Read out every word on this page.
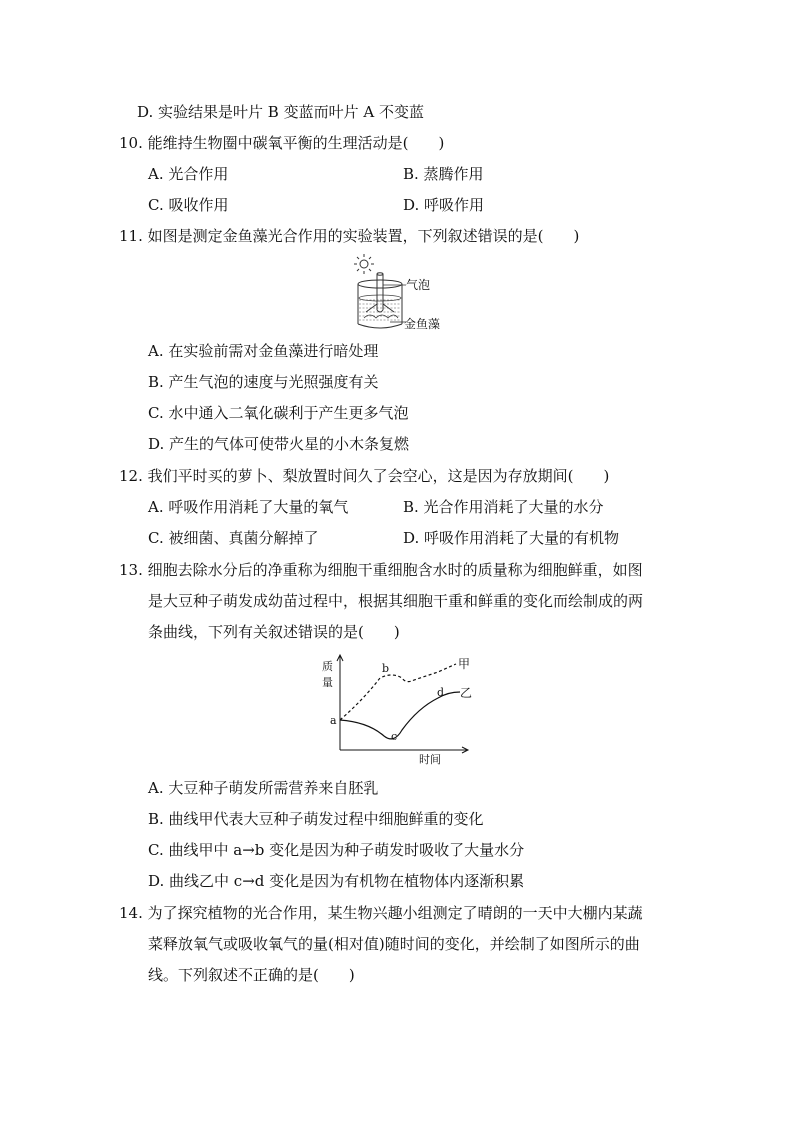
D. 实验结果是叶片 B 变蓝而叶片 A 不变蓝
10. 能维持生物圈中碳氧平衡的生理活动是(　　)
A. 光合作用	B. 蒸腾作用
C. 吸收作用	D. 呼吸作用
11. 如图是测定金鱼藻光合作用的实验装置，下列叙述错误的是(　　)
气泡
金鱼藻
A. 在实验前需对金鱼藻进行暗处理
B. 产生气泡的速度与光照强度有关
C. 水中通入二氧化碳利于产生更多气泡
D. 产生的气体可使带火星的小木条复燃
12. 我们平时买的萝卜、梨放置时间久了会空心，这是因为存放期间(　　)
A. 呼吸作用消耗了大量的氧气	B. 光合作用消耗了大量的水分
C. 被细菌、真菌分解掉了	D. 呼吸作用消耗了大量的有机物
13. 细胞去除水分后的净重称为细胞干重细胞含水时的质量称为细胞鲜重，如图
是大豆种子萌发成幼苗过程中，根据其细胞干重和鲜重的变化而绘制成的两
条曲线，下列有关叙述错误的是(　　)
质
量
时间
a
b
c
d
甲
乙
A. 大豆种子萌发所需营养来自胚乳
B. 曲线甲代表大豆种子萌发过程中细胞鲜重的变化
C. 曲线甲中 a→b 变化是因为种子萌发时吸收了大量水分
D. 曲线乙中 c→d 变化是因为有机物在植物体内逐渐积累
14. 为了探究植物的光合作用，某生物兴趣小组测定了晴朗的一天中大棚内某蔬
菜释放氧气或吸收氧气的量(相对值)随时间的变化，并绘制了如图所示的曲
线。下列叙述不正确的是(　　)
